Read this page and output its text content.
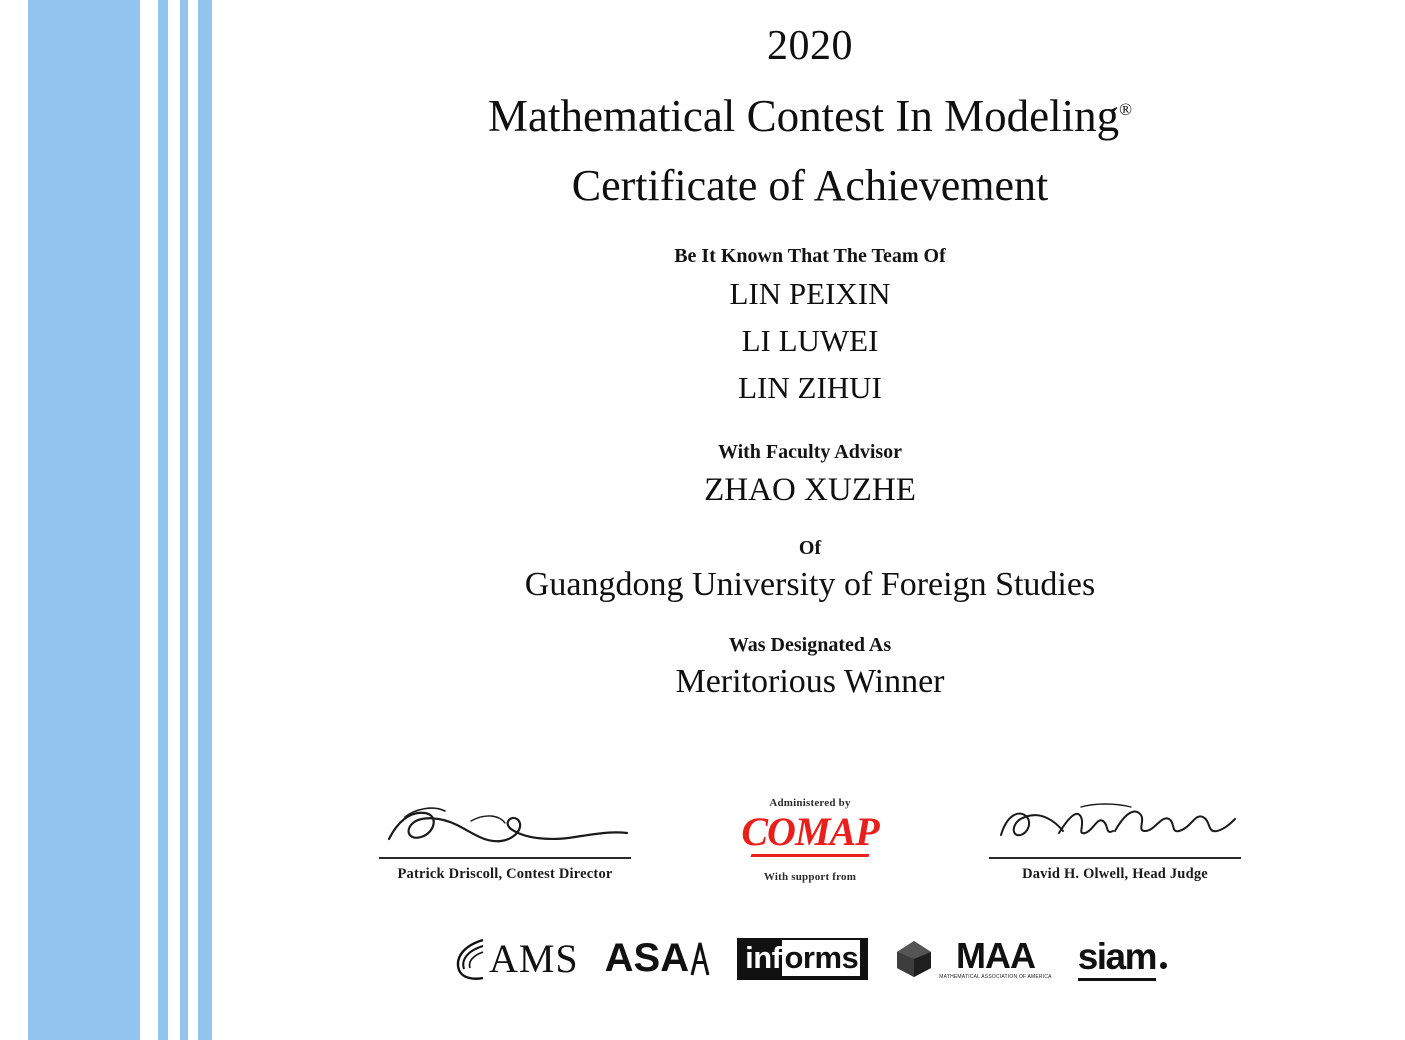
2020
Mathematical Contest In Modeling®
Certificate of Achievement
Be It Known That The Team Of
LIN PEIXIN
LI LUWEI
LIN ZIHUI
With Faculty Advisor
ZHAO XUZHE
Of
Guangdong University of Foreign Studies
Was Designated As
Meritorious Winner
Patrick Driscoll, Contest Director
Administered by
COMAP
With support from	David H. Olwell, Head Judge
AMS ASA inf orms	MAA
MATHEMATICAL ASSOCIATION OF AMERICA siam
